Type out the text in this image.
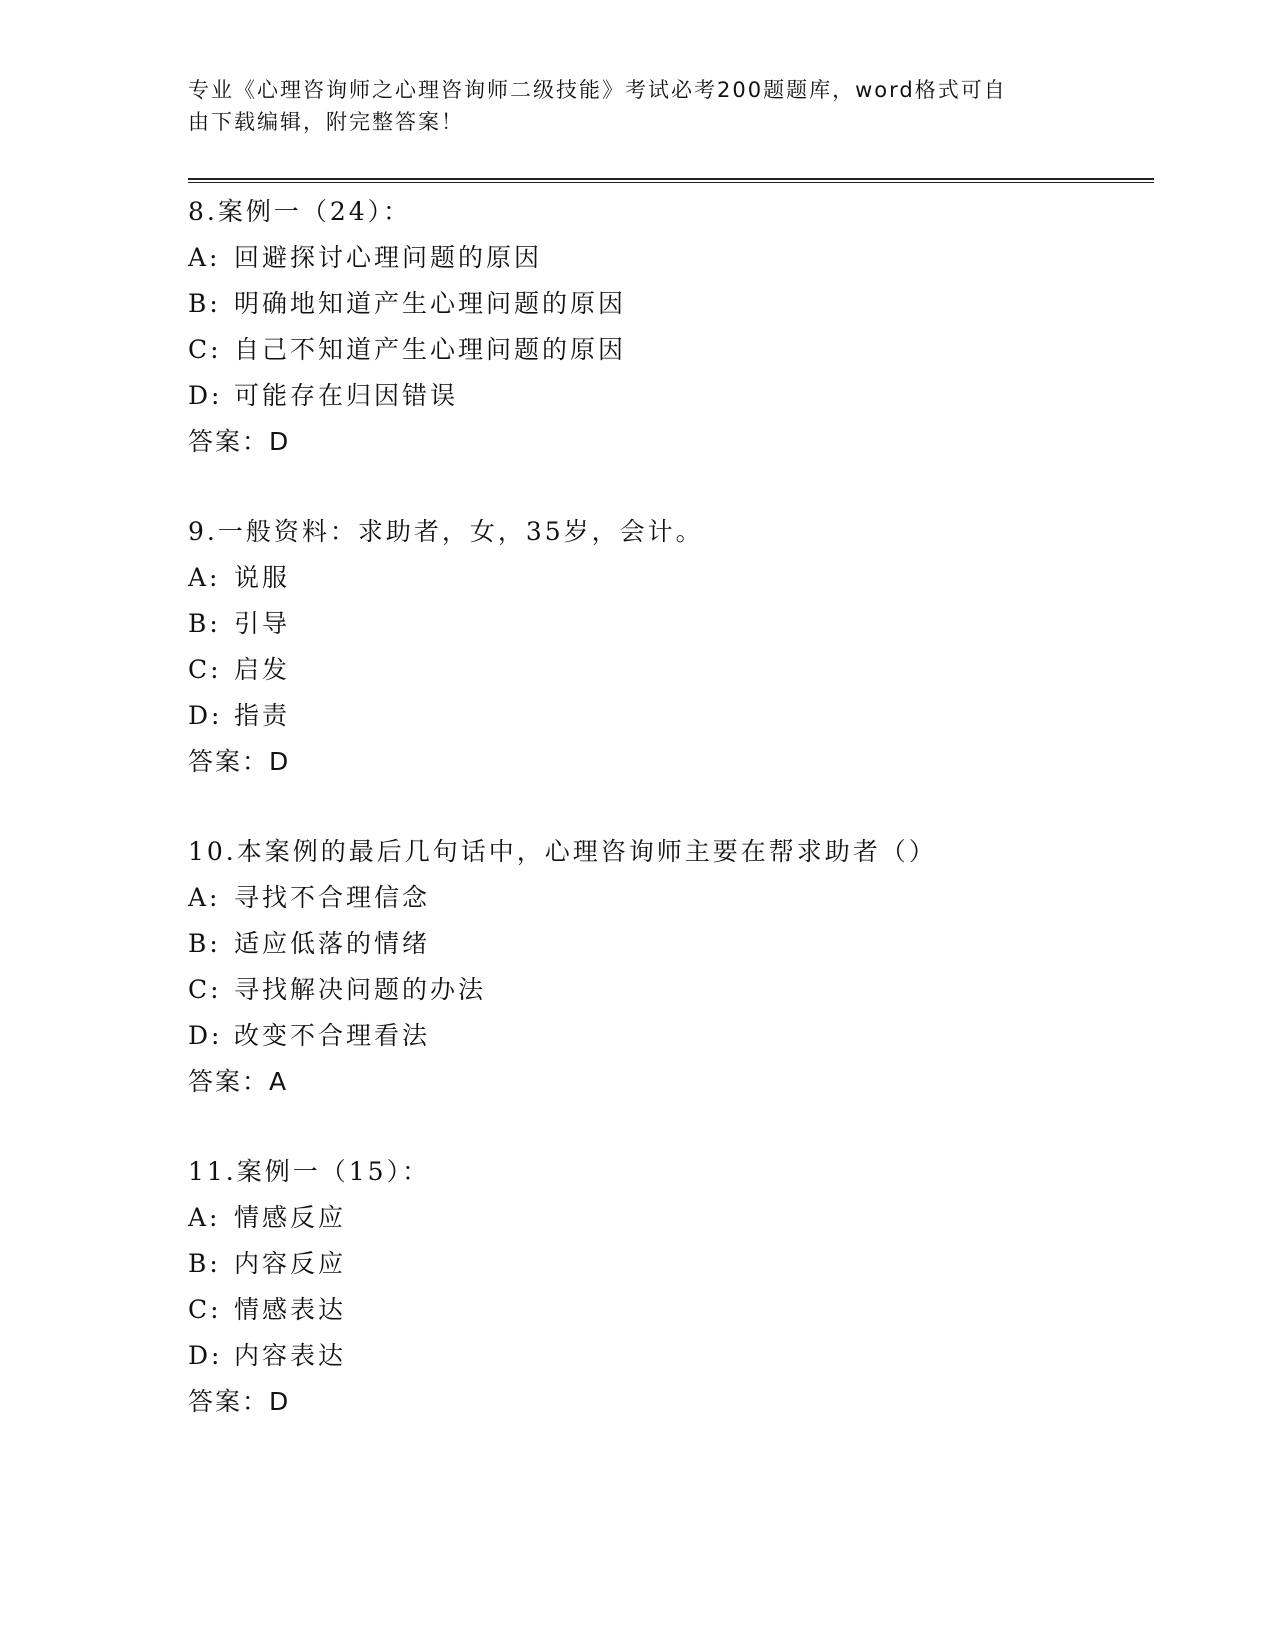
专业《心理咨询师之心理咨询师二级技能》考试必考200题题库，word格式可自
由下载编辑，附完整答案！
8.案例一（24）：
A: 回避探讨心理问题的原因
B: 明确地知道产生心理问题的原因
C: 自己不知道产生心理问题的原因
D: 可能存在归因错误
答案：D
9.一般资料：求助者，女，35岁，会计。
A: 说服
B: 引导
C: 启发
D: 指责
答案：D
10.本案例的最后几句话中，心理咨询师主要在帮求助者（）
A: 寻找不合理信念
B: 适应低落的情绪
C: 寻找解决问题的办法
D: 改变不合理看法
答案：A
11.案例一（15）：
A: 情感反应
B: 内容反应
C: 情感表达
D: 内容表达
答案：D
